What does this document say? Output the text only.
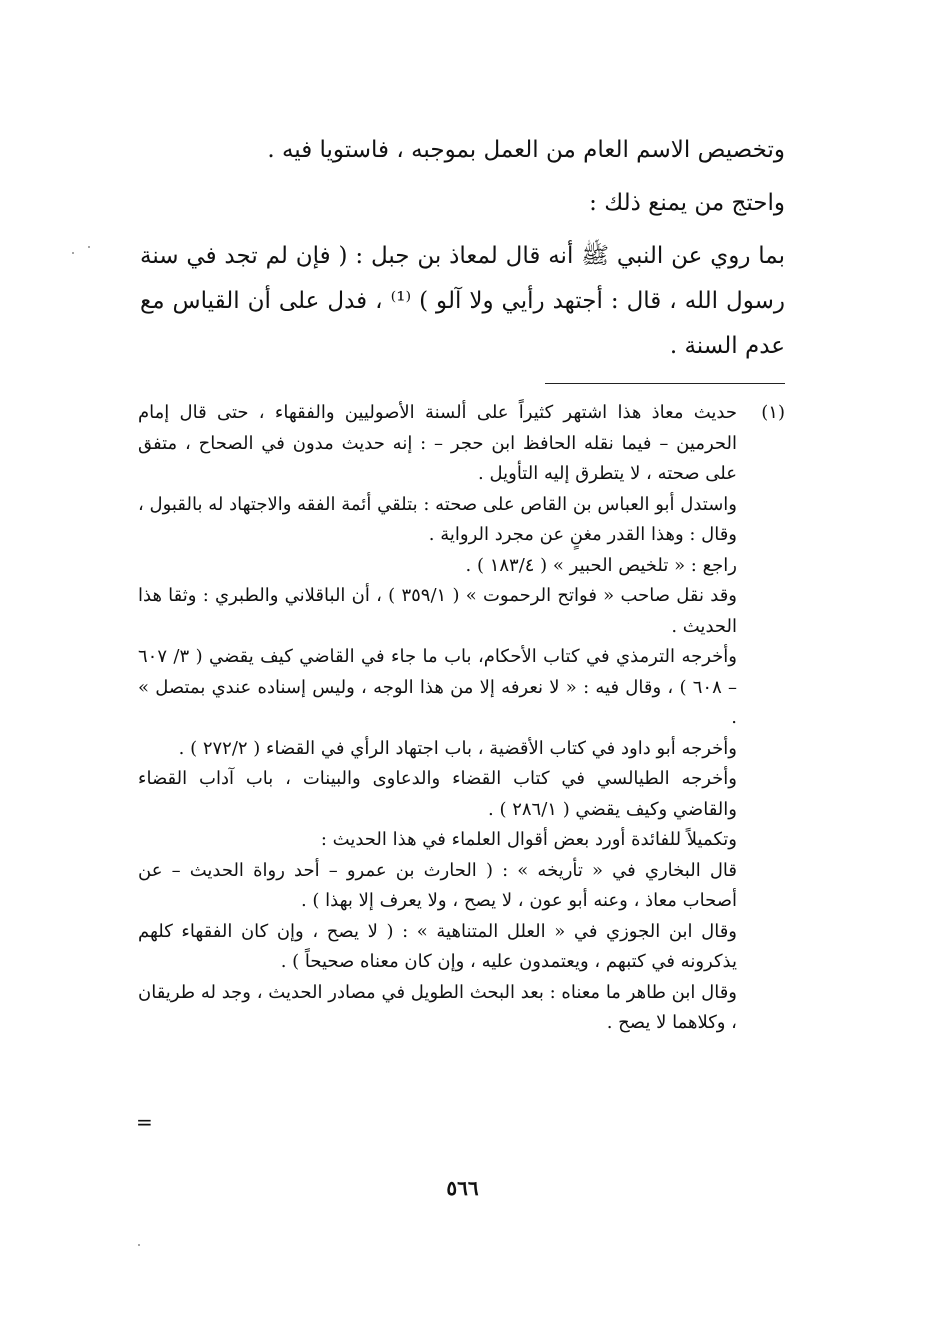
وتخصيص الاسم العام من العمل بموجبه ، فاستويا فيه .

واحتج من يمنع ذلك :

بما روي عن النبي ﷺ أنه قال لمعاذ بن جبل : ( فإن لم تجد في سنة رسول الله ، قال : أجتهد رأيي ولا آلو ) ⁽¹⁾ ، فدل على أن القياس مع عدم السنة .

(١)

حديث معاذ هذا اشتهر كثيراً على ألسنة الأصوليين والفقهاء ، حتى قال إمام الحرمين – فيما نقله الحافظ ابن حجر – : إنه حديث مدون في الصحاح ، متفق على صحته ، لا يتطرق إليه التأويل .

واستدل أبو العباس بن القاص على صحته : بتلقي أئمة الفقه والاجتهاد له بالقبول ، وقال : وهذا القدر مغنٍ عن مجرد الرواية .

راجع : « تلخيص الحبير » ( ١٨٣/٤ ) .

وقد نقل صاحب « فواتح الرحموت » ( ٣٥٩/١ ) ، أن الباقلاني والطبري : وثقا هذا الحديث .

وأخرجه الترمذي في كتاب الأحكام، باب ما جاء في القاضي كيف يقضي ( ٣/ ٦٠٧ – ٦٠٨ ) ، وقال فيه : « لا نعرفه إلا من هذا الوجه ، وليس إسناده عندي بمتصل » .

وأخرجه أبو داود في كتاب الأقضية ، باب اجتهاد الرأي في القضاء ( ٢٧٢/٢ ) .

وأخرجه الطيالسي في كتاب القضاء والدعاوى والبينات ، باب آداب القضاء والقاضي وكيف يقضي ( ٢٨٦/١ ) .

وتكميلاً للفائدة أورد بعض أقوال العلماء في هذا الحديث :

قال البخاري في « تأريخه » : ( الحارث بن عمرو – أحد رواة الحديث – عن أصحاب معاذ ، وعنه أبو عون ، لا يصح ، ولا يعرف إلا بهذا ) .

وقال ابن الجوزي في « العلل المتناهية » : ( لا يصح ، وإن كان الفقهاء كلهم يذكرونه في كتبهم ، ويعتمدون عليه ، وإن كان معناه صحيحاً ) .

وقال ابن طاهر ما معناه : بعد البحث الطويل في مصادر الحديث ، وجد له طريقان ، وكلاهما لا يصح .

=
٥٦٦
